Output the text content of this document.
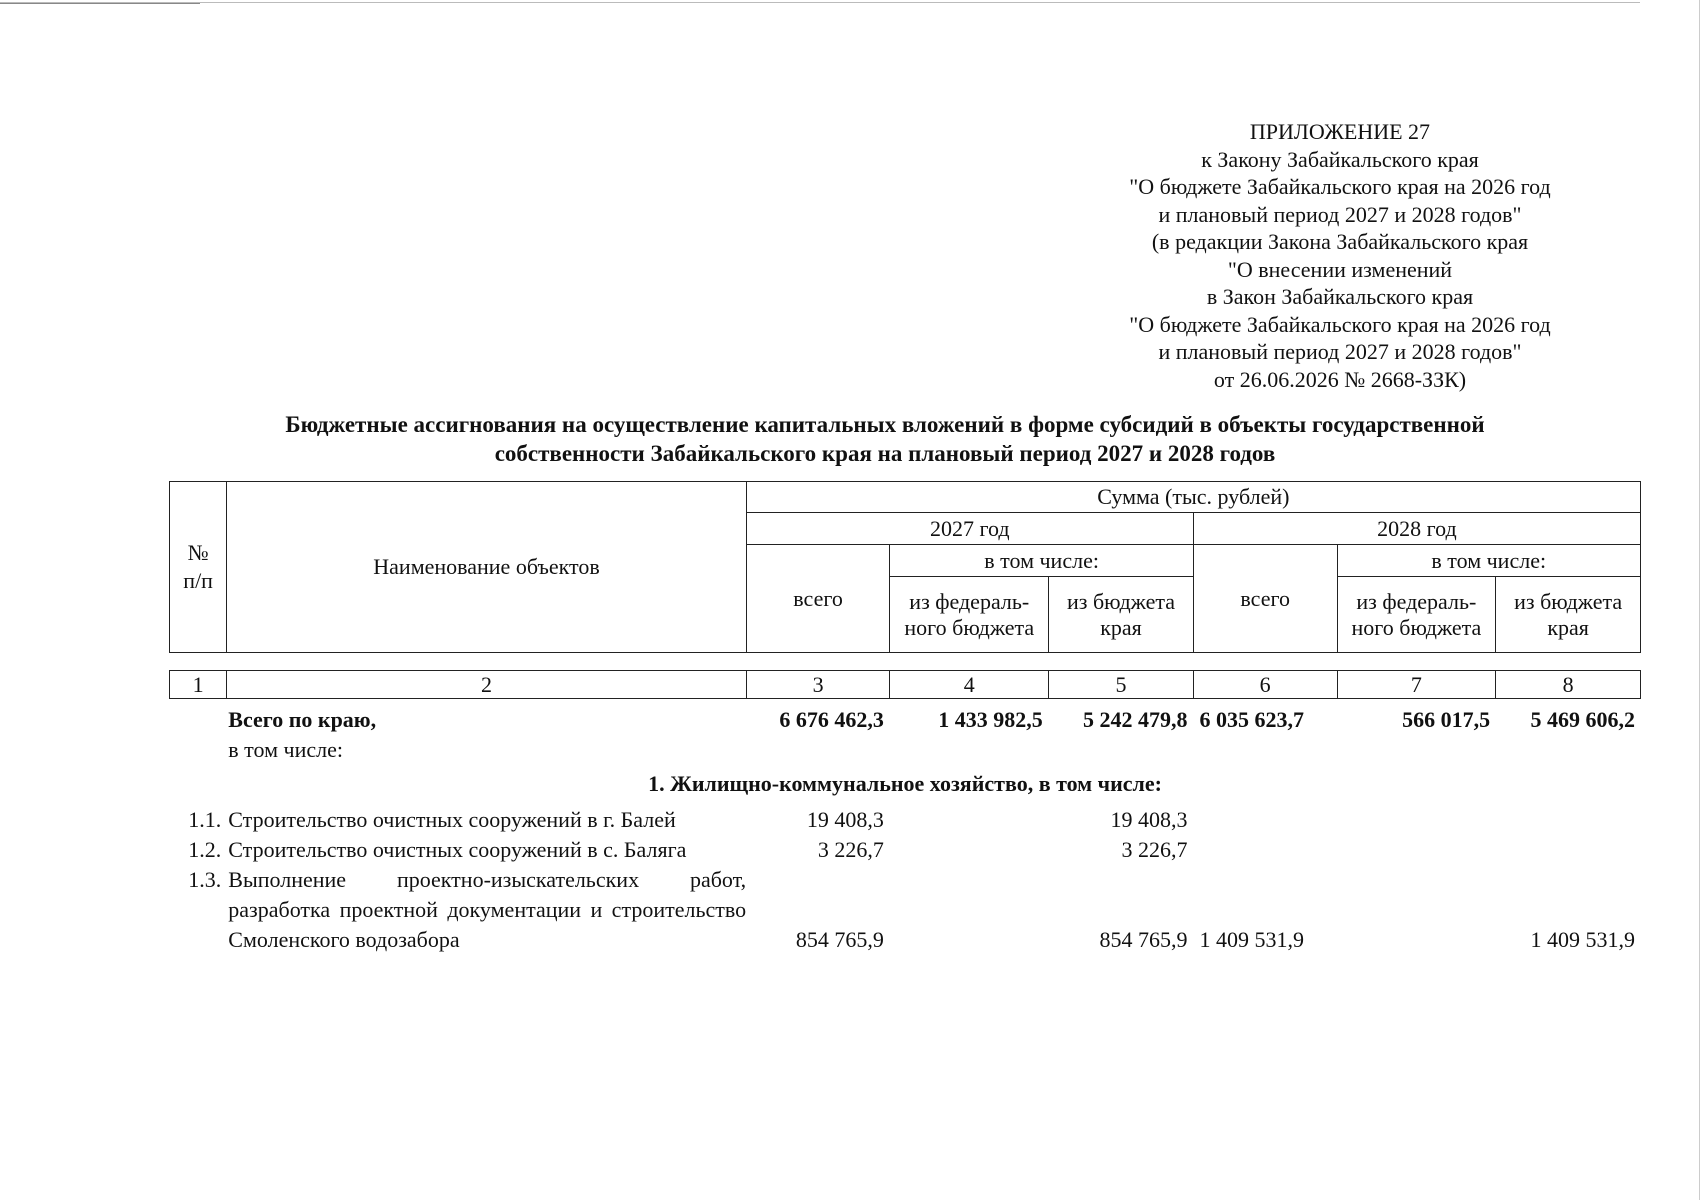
ПРИЛОЖЕНИЕ 27
к Закону Забайкальского края
"О бюджете Забайкальского края на 2026 год
и плановый период 2027 и 2028 годов"
(в редакции Закона Забайкальского края
"О внесении изменений
в Закон Забайкальского края
"О бюджете Забайкальского края на 2026 год
и плановый период 2027 и 2028 годов"
от 26.06.2026 № 2668-ЗЗК)
Бюджетные ассигнования на осуществление капитальных вложений в форме субсидий в объекты государственной
собственности Забайкальского края на плановый период 2027 и 2028 годов
№ п/п	Наименование объектов	Сумма (тыс. рублей)					
		2027 год			2028 год		
		всего	в том числе:		всего	в том числе:	
			из федераль-ного бюджета	из бюджета края		из федераль-ного бюджета	из бюджета края
1	2	3	4	5	6	7	8
	Всего по краю,	6 676 462,3	1 433 982,5	5 242 479,8	6 035 623,7	566 017,5	5 469 606,2
	в том числе:						
1. Жилищно-коммунальное хозяйство, в том числе:							
1.1.	Строительство очистных сооружений в г. Балей	19 408,3		19 408,3			
1.2.	Строительство очистных сооружений в с. Баляга	3 226,7		3 226,7			
1.3.	Выполнение проектно-изыскательских работ, разработка проектной документации и строительство Смоленского водозабора	854 765,9		854 765,9	1 409 531,9		1 409 531,9
